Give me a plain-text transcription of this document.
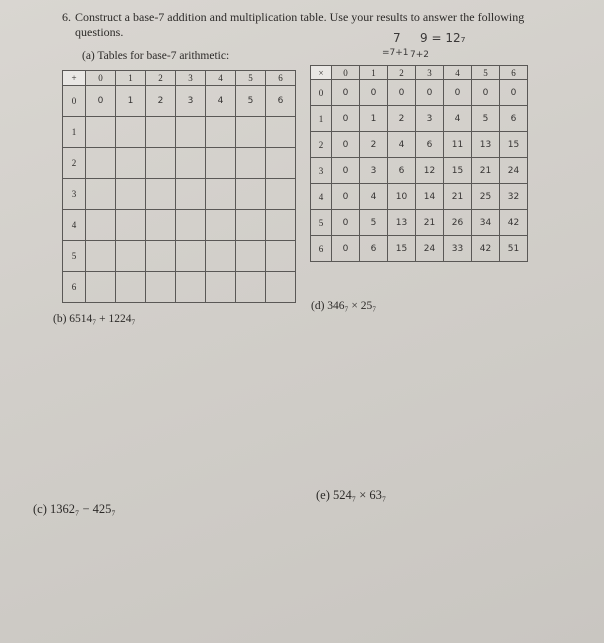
6. Construct a base-7 addition and multiplication table. Use your results to answer the following questions.
(a) Tables for base-7 arithmetic:
7 9 = 12₇
=7+1 7+2
+	0	1	2	3	4	5	6
0	0	1	2	3	4	5	6
1							
2							
3							
4							
5							
6							
×	0	1	2	3	4	5	6
0	0	0	0	0	0	0	0
1	0	1	2	3	4	5	6
2	0	2	4	6	11	13	15
3	0	3	6	12	15	21	24
4	0	4	10	14	21	25	32
5	0	5	13	21	26	34	42
6	0	6	15	24	33	42	51
(b) 6514₇ + 1224₇
(d) 346₇ × 25₇
(c) 1362₇ − 425₇
(e) 524₇ × 63₇
